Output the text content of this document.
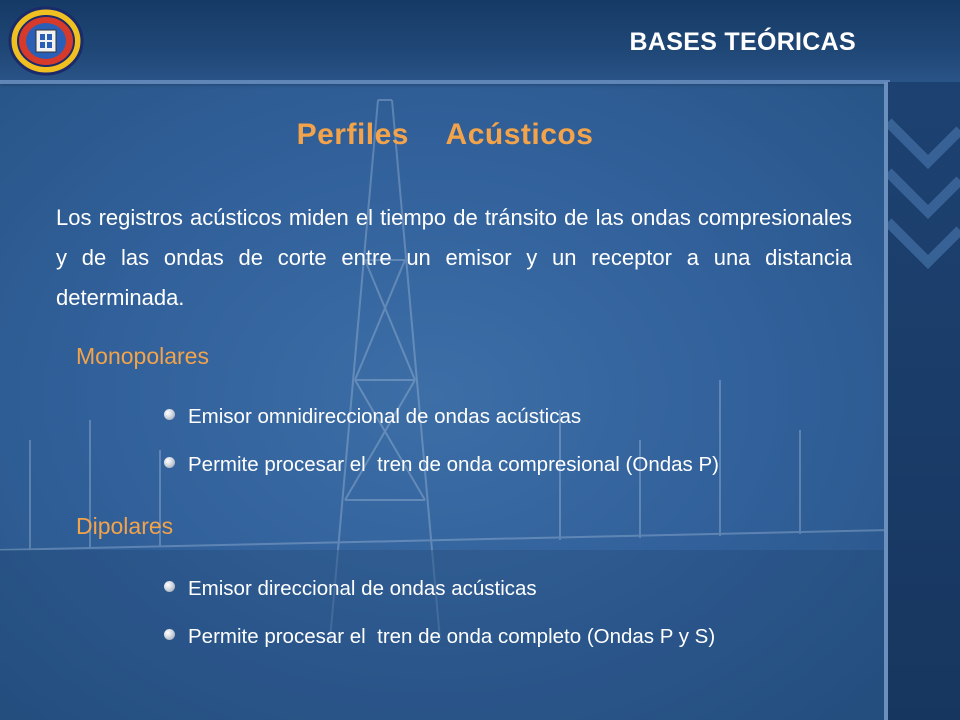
BASES TEÓRICAS
Perfiles  Acústicos
Los registros acústicos miden el tiempo de tránsito de las ondas compresionales y de las ondas de corte entre un emisor y un receptor a una distancia determinada.
Monopolares
Emisor omnidireccional de ondas acústicas
Permite procesar el  tren de onda compresional (Ondas P)
Dipolares
Emisor direccional de ondas acústicas
Permite procesar el  tren de onda completo (Ondas P y S)
